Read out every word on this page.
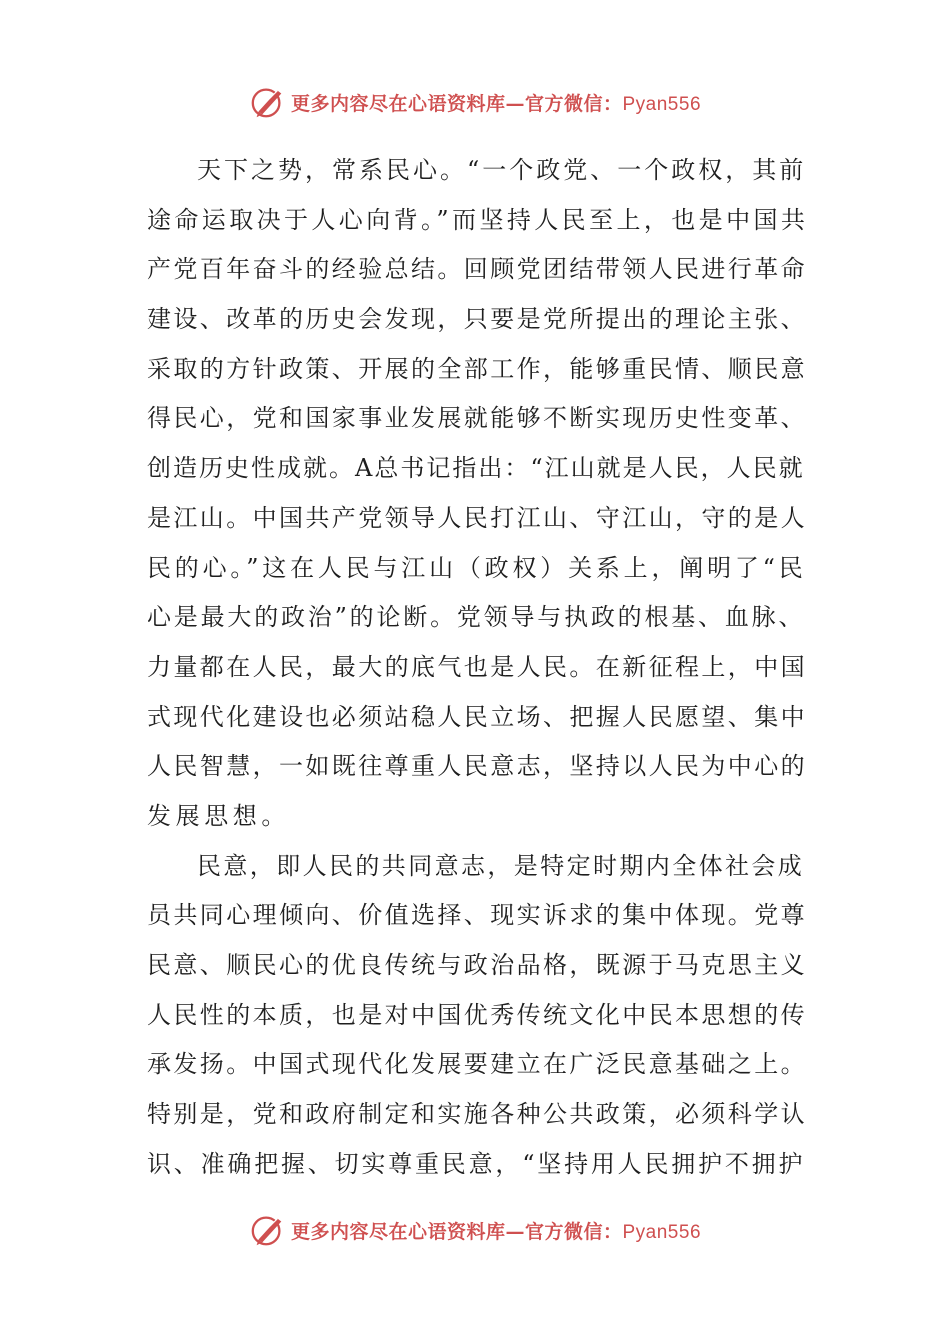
更多内容尽在心语资料库—官方微信：Pyan556
天下之势，常系民心。“一个政党、一个政权，其前
途命运取决于人心向背。”而坚持人民至上，也是中国共
产党百年奋斗的经验总结。回顾党团结带领人民进行革命
建设、改革的历史会发现，只要是党所提出的理论主张、
采取的方针政策、开展的全部工作，能够重民情、顺民意
得民心，党和国家事业发展就能够不断实现历史性变革、
创造历史性成就。A总书记指出：“江山就是人民，人民就
是江山。中国共产党领导人民打江山、守江山，守的是人
民的心。”这在人民与江山（政权）关系上，阐明了“民
心是最大的政治”的论断。党领导与执政的根基、血脉、
力量都在人民，最大的底气也是人民。在新征程上，中国
式现代化建设也必须站稳人民立场、把握人民愿望、集中
人民智慧，一如既往尊重人民意志，坚持以人民为中心的
发展思想。
民意，即人民的共同意志，是特定时期内全体社会成
员共同心理倾向、价值选择、现实诉求的集中体现。党尊
民意、顺民心的优良传统与政治品格，既源于马克思主义
人民性的本质，也是对中国优秀传统文化中民本思想的传
承发扬。中国式现代化发展要建立在广泛民意基础之上。
特别是，党和政府制定和实施各种公共政策，必须科学认
识、准确把握、切实尊重民意，“坚持用人民拥护不拥护
更多内容尽在心语资料库—官方微信：Pyan556
